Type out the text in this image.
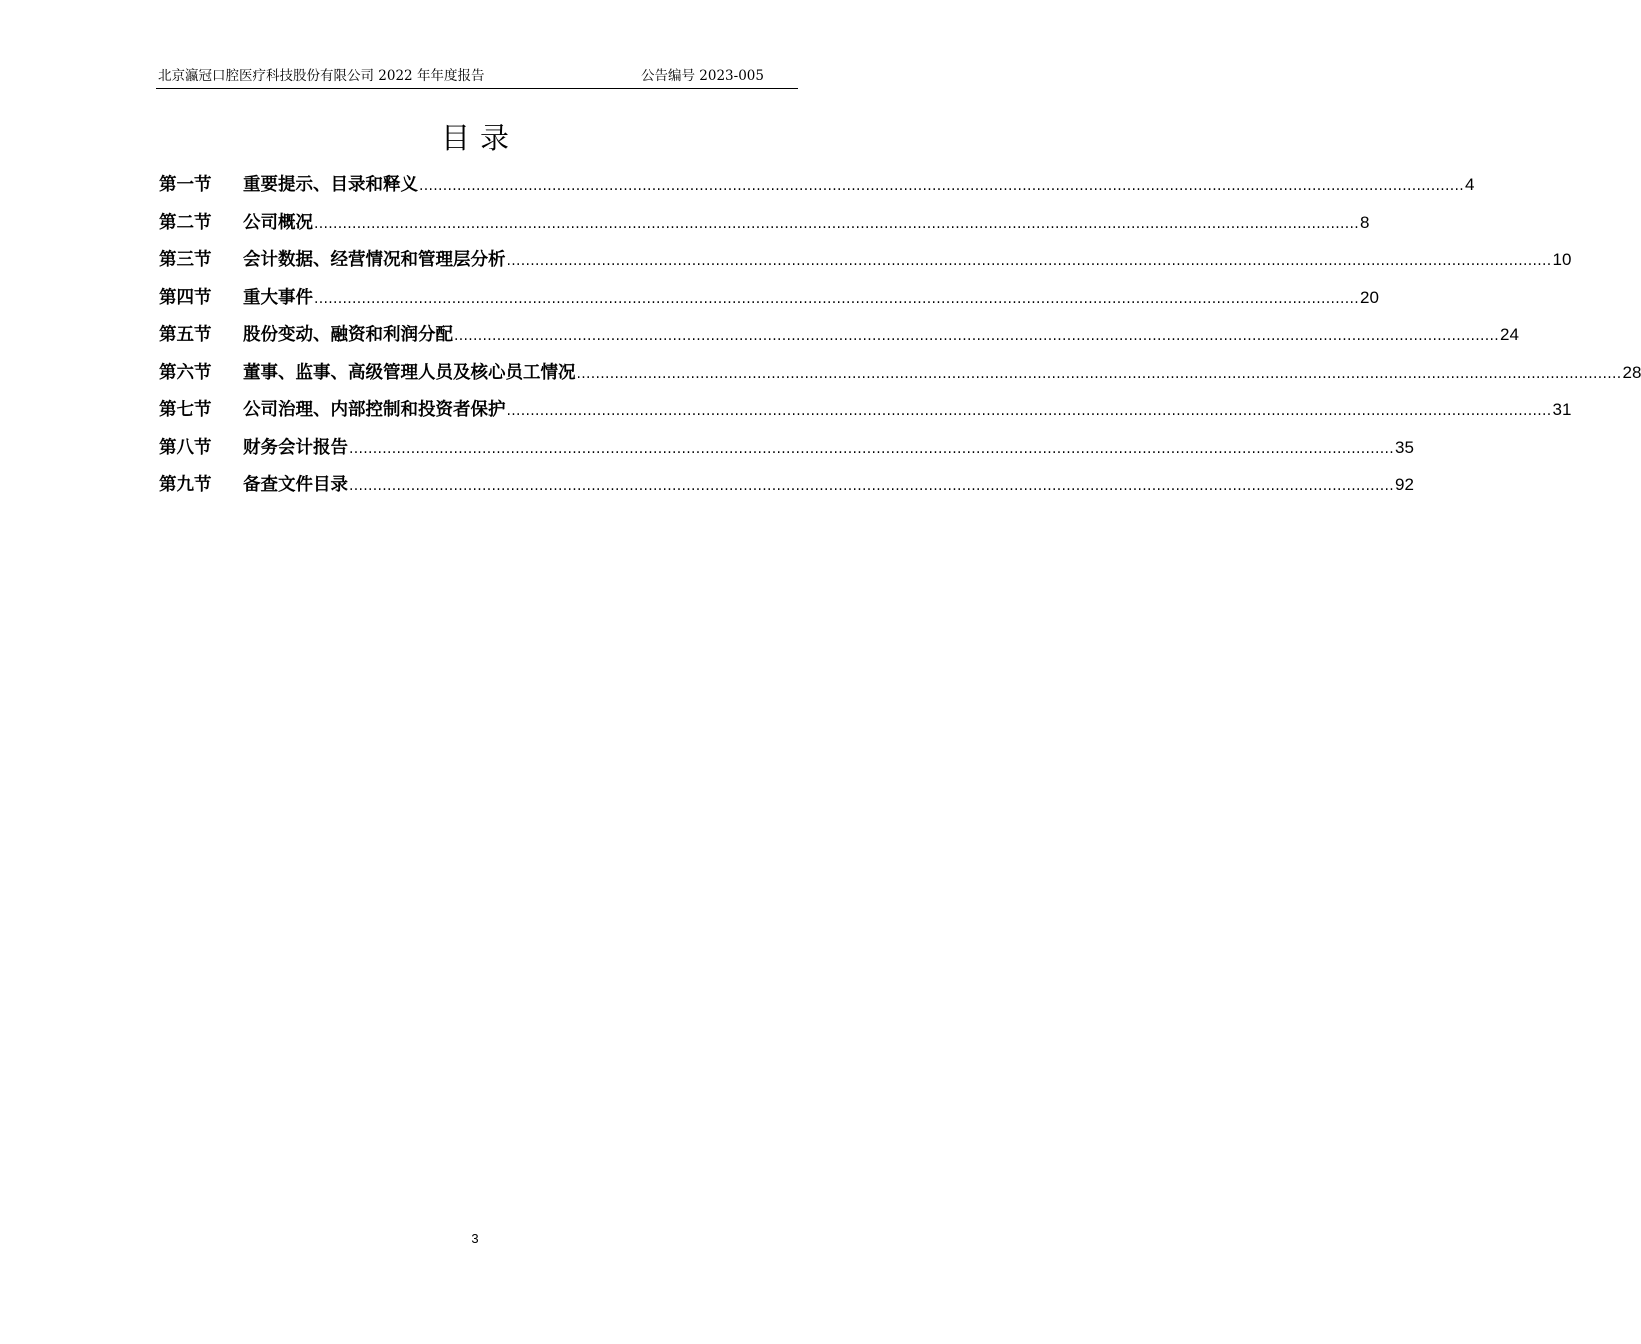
北京瀛冠口腔医疗科技股份有限公司 2022 年年度报告	公告编号 2023-005
目录
第一节	重要提示、目录和释义 ............................................................................................................................................................................................................................ 4
第二节	公司概况 ............................................................................................................................................................................................................................ 8
第三节	会计数据、经营情况和管理层分析 ............................................................................................................................................................................................................................ 10
第四节	重大事件 ............................................................................................................................................................................................................................ 20
第五节	股份变动、融资和利润分配 ............................................................................................................................................................................................................................ 24
第六节	董事、监事、高级管理人员及核心员工情况 ............................................................................................................................................................................................................................ 28
第七节	公司治理、内部控制和投资者保护 ............................................................................................................................................................................................................................ 31
第八节	财务会计报告 ............................................................................................................................................................................................................................ 35
第九节	备查文件目录 ............................................................................................................................................................................................................................ 92
3
